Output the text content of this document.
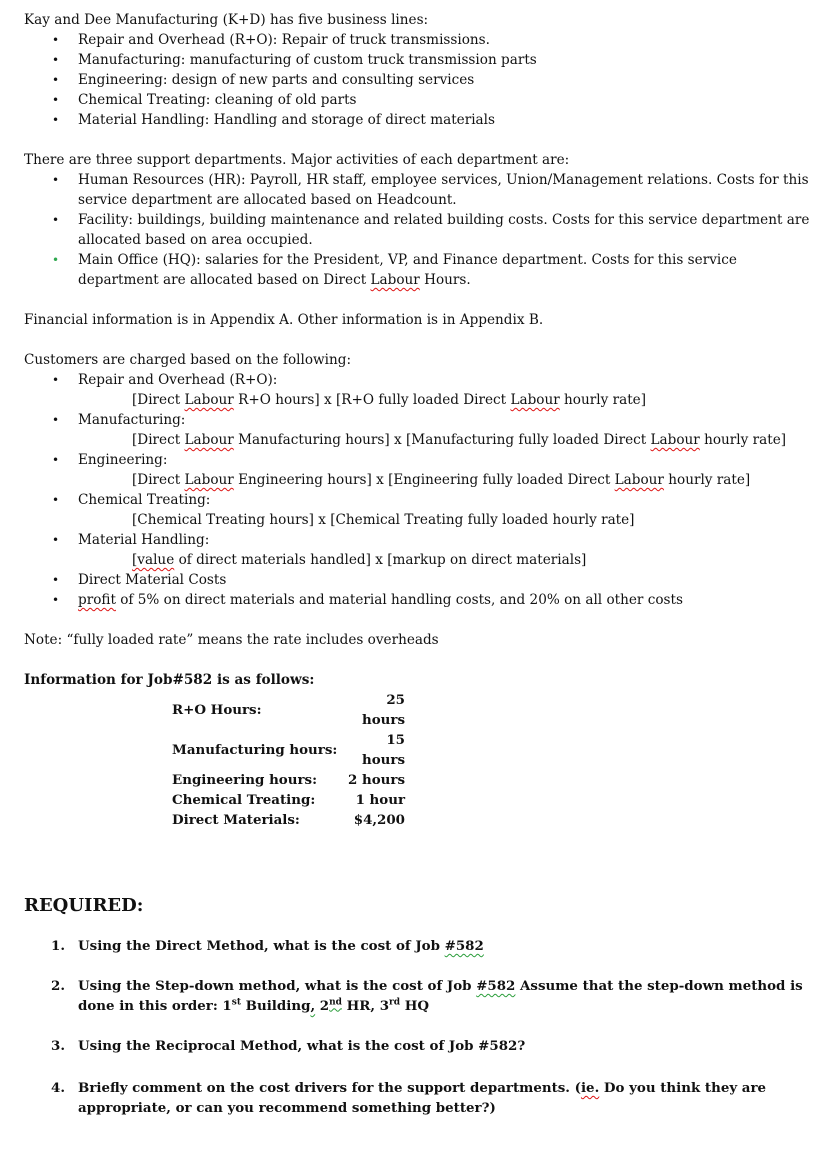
Kay and Dee Manufacturing (K+D) has five business lines:

• Repair and Overhead (R+O): Repair of truck transmissions.
• Manufacturing: manufacturing of custom truck transmission parts
• Engineering: design of new parts and consulting services
• Chemical Treating: cleaning of old parts
• Material Handling: Handling and storage of direct materials

There are three support departments. Major activities of each department are:

• Human Resources (HR): Payroll, HR staff, employee services, Union/Management relations. Costs for this service department are allocated based on Headcount.
• Facility: buildings, building maintenance and related building costs. Costs for this service department are allocated based on area occupied.
• Main Office (HQ): salaries for the President, VP, and Finance department. Costs for this service department are allocated based on Direct Labour Hours.

Financial information is in Appendix A. Other information is in Appendix B.

Customers are charged based on the following:

• Repair and Overhead (R+O):
[Direct Labour R+O hours] x [R+O fully loaded Direct Labour hourly rate]
• Manufacturing:
[Direct Labour Manufacturing hours] x [Manufacturing fully loaded Direct Labour hourly rate]
• Engineering:
[Direct Labour Engineering hours] x [Engineering fully loaded Direct Labour hourly rate]
• Chemical Treating:
[Chemical Treating hours] x [Chemical Treating fully loaded hourly rate]
• Material Handling:
[value of direct materials handled] x [markup on direct materials]
• Direct Material Costs
• profit of 5% on direct materials and material handling costs, and 20% on all other costs

Note: “fully loaded rate” means the rate includes overheads

Information for Job#582 is as follows:

R+O Hours:	25 hours
Manufacturing hours:	15 hours
Engineering hours:	2 hours
Chemical Treating:	1 hour
Direct Materials:	$4,200

REQUIRED:

1. Using the Direct Method, what is the cost of Job #582
2. Using the Step-down method, what is the cost of Job #582 Assume that the step-down method is done in this order: 1st Building, 2nd HR, 3rd HQ
3. Using the Reciprocal Method, what is the cost of Job #582?
4. Briefly comment on the cost drivers for the support departments. (ie. Do you think they are appropriate, or can you recommend something better?)
